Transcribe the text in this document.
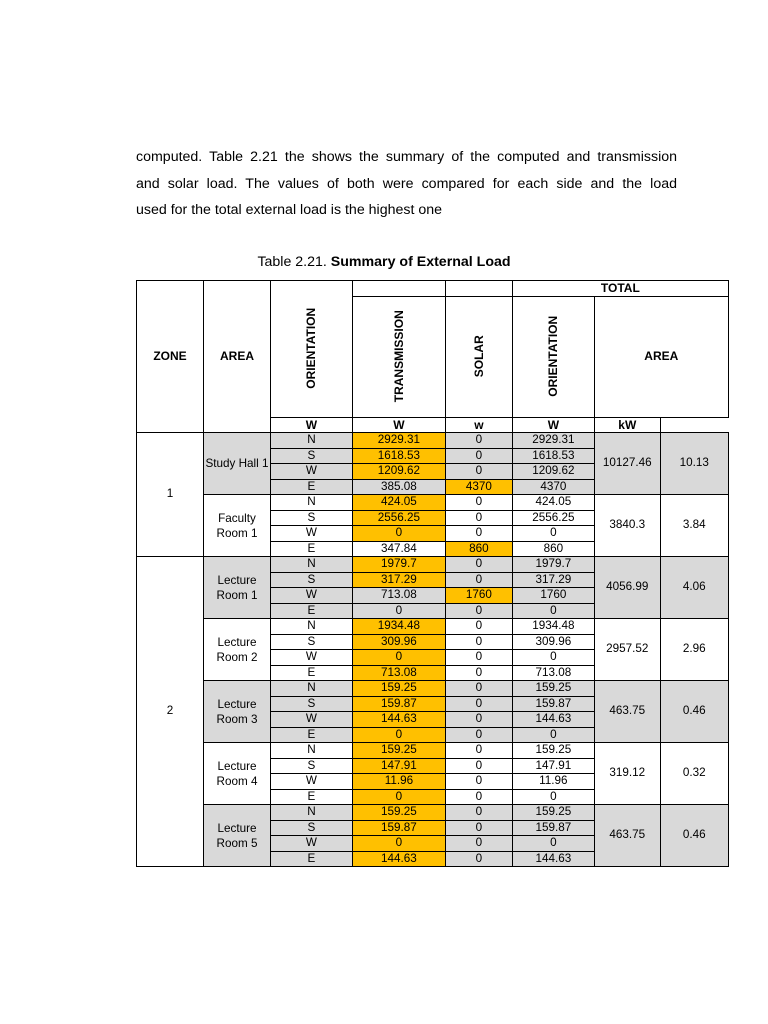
computed. Table 2.21 the shows the summary of the computed and transmission
and solar load. The values of both were compared for each side and the load
used for the total external load is the highest one
Table 2.21. Summary of External Load
ZONE	AREA	ORIENTATION			TOTAL		
			TRANSMISSION	SOLAR	ORIENTATION	AREA	
		W	W	w	W	kW	
1	Study Hall 1	N	2929.31	0	2929.31	10127.46	10.13
		S	1618.53	0	1618.53		
		W	1209.62	0	1209.62		
		E	385.08	4370	4370		
	Faculty Room 1	N	424.05	0	424.05	3840.3	3.84
		S	2556.25	0	2556.25		
		W	0	0	0		
		E	347.84	860	860		
2	Lecture Room 1	N	1979.7	0	1979.7	4056.99	4.06
		S	317.29	0	317.29		
		W	713.08	1760	1760		
		E	0	0	0		
	Lecture Room 2	N	1934.48	0	1934.48	2957.52	2.96
		S	309.96	0	309.96		
		W	0	0	0		
		E	713.08	0	713.08		
	Lecture Room 3	N	159.25	0	159.25	463.75	0.46
		S	159.87	0	159.87		
		W	144.63	0	144.63		
		E	0	0	0		
	Lecture Room 4	N	159.25	0	159.25	319.12	0.32
		S	147.91	0	147.91		
		W	11.96	0	11.96		
		E	0	0	0		
	Lecture Room 5	N	159.25	0	159.25	463.75	0.46
		S	159.87	0	159.87		
		W	0	0	0		
		E	144.63	0	144.63		
